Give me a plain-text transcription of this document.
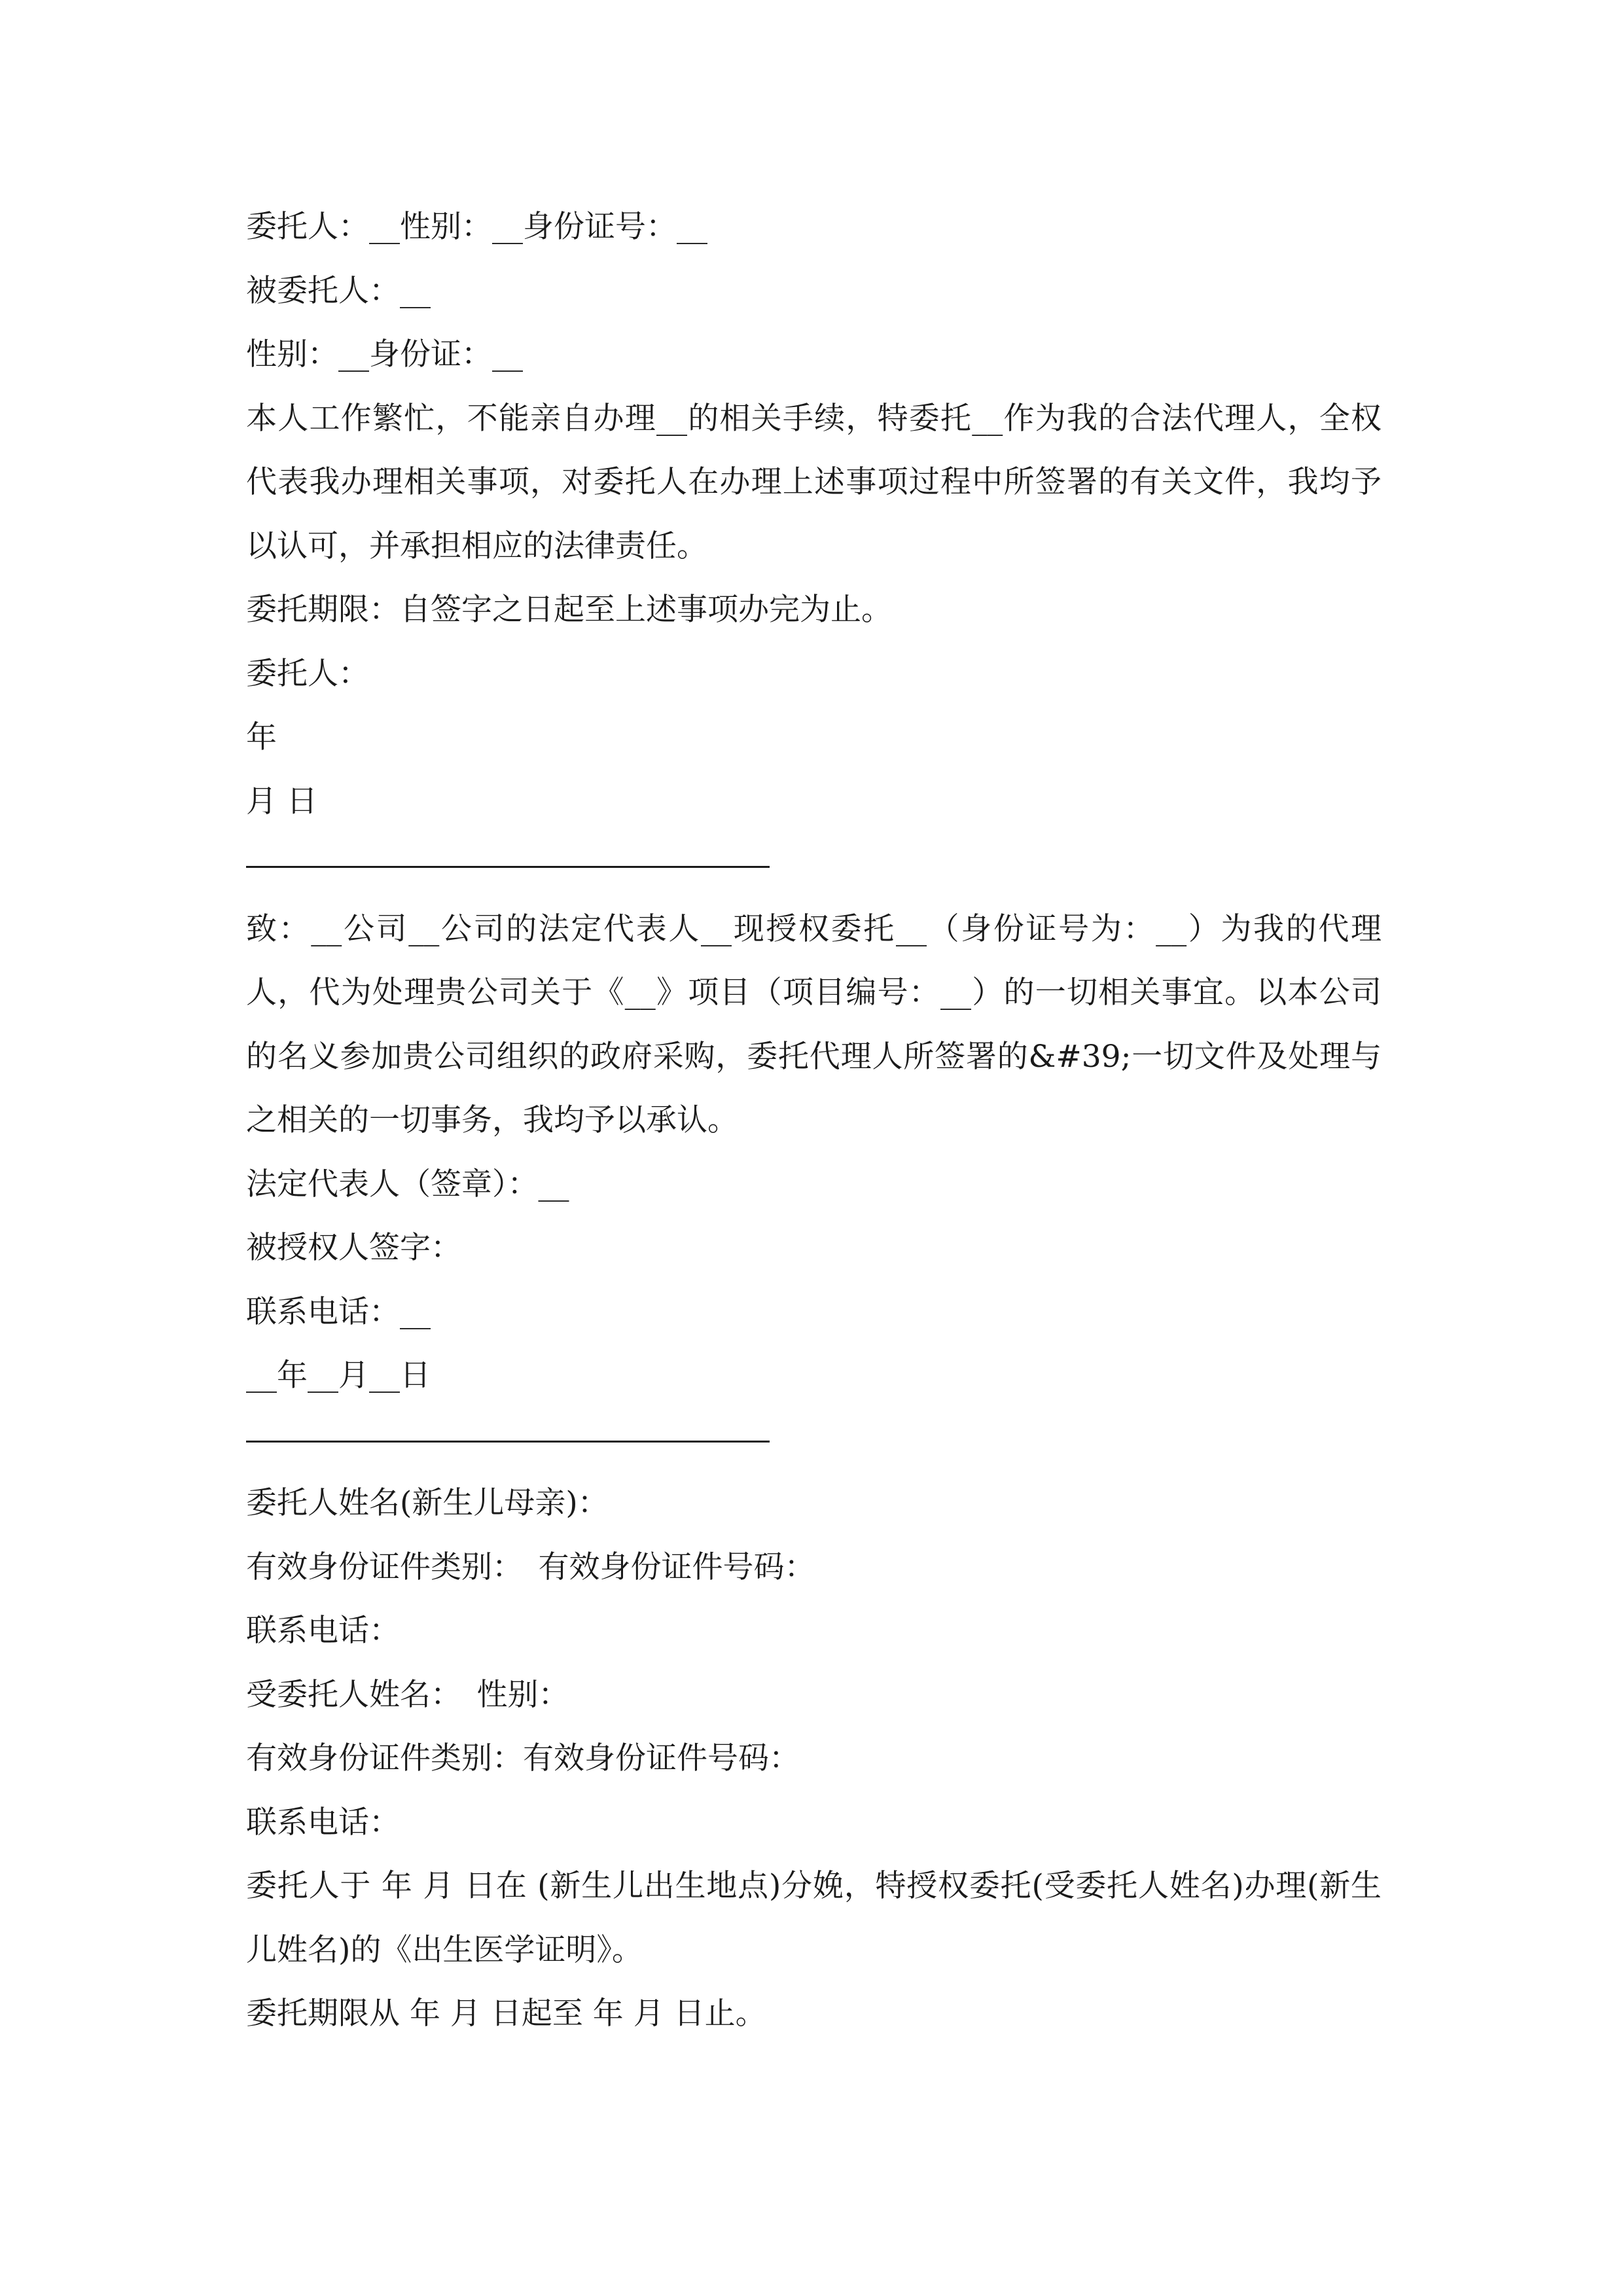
委托人：__性别：__身份证号：__
被委托人：__
性别：__身份证：__
本人工作繁忙，不能亲自办理__的相关手续，特委托__作为我的合法代理人，全权代表我办理相关事项，对委托人在办理上述事项过程中所签署的有关文件，我均予以认可，并承担相应的法律责任。
委托期限：自签字之日起至上述事项办完为止。
委托人：
年
月 日
致：__公司__公司的法定代表人__现授权委托__（身份证号为：__）为我的代理人，代为处理贵公司关于《__》项目（项目编号：__）的一切相关事宜。以本公司的名义参加贵公司组织的政府采购，委托代理人所签署的&#39;一切文件及处理与之相关的一切事务，我均予以承认。
法定代表人（签章）：__
被授权人签字：
联系电话：__
__年__月__日
委托人姓名(新生儿母亲)：
有效身份证件类别：　有效身份证件号码：
联系电话：
受委托人姓名：　性别：
有效身份证件类别：有效身份证件号码：
联系电话：
委托人于 年 月 日在 (新生儿出生地点)分娩，特授权委托(受委托人姓名)办理(新生儿姓名)的《出生医学证明》。
委托期限从 年 月 日起至 年 月 日止。
